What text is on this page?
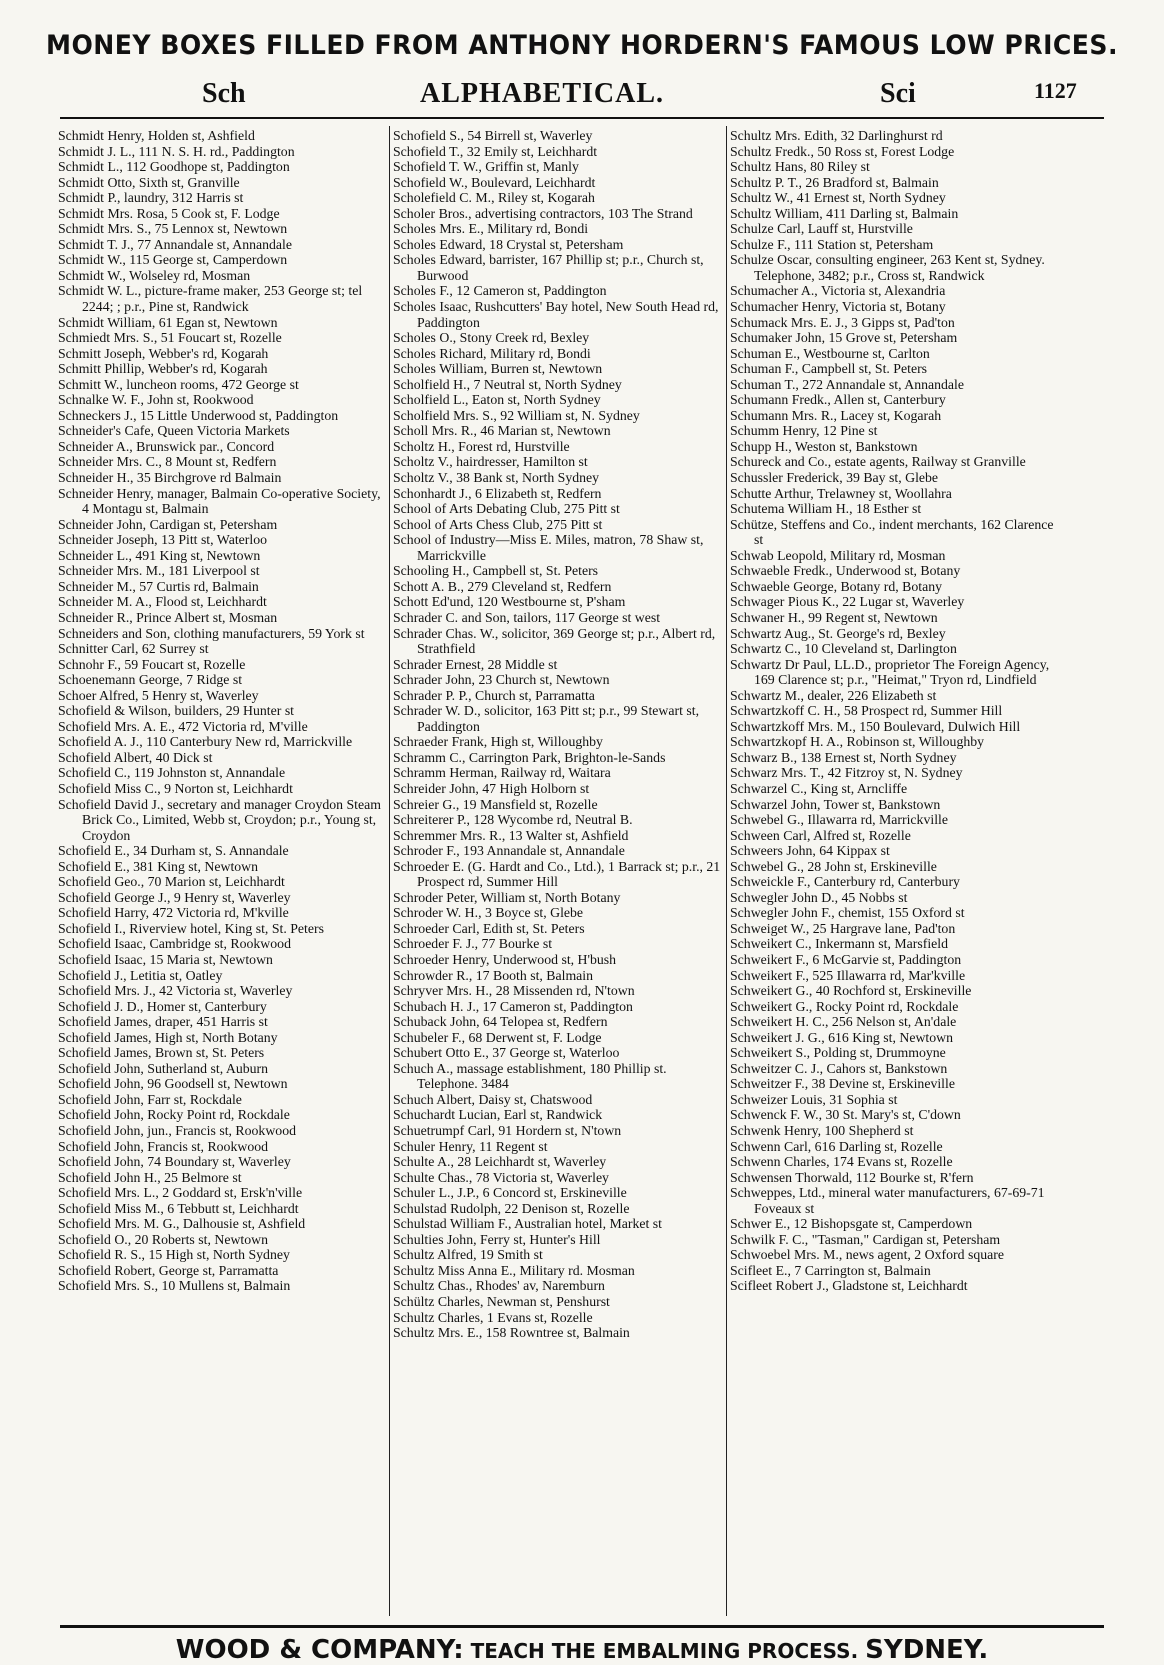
MONEY BOXES FILLED FROM ANTHONY HORDERN'S FAMOUS LOW PRICES.
Sch	ALPHABETICAL.	Sci	1127
Schmidt Henry, Holden st, Ashfield
Schmidt J. L., 111 N. S. H. rd., Paddington
Schmidt L., 112 Goodhope st, Paddington
Schmidt Otto, Sixth st, Granville
Schmidt P., laundry, 312 Harris st
Schmidt Mrs. Rosa, 5 Cook st, F. Lodge
Schmidt Mrs. S., 75 Lennox st, Newtown
Schmidt T. J., 77 Annandale st, Annandale
Schmidt W., 115 George st, Camperdown
Schmidt W., Wolseley rd, Mosman
Schmidt W. L., picture-frame maker, 253 George st; tel 2244; ; p.r., Pine st, Randwick
Schmidt William, 61 Egan st, Newtown
Schmiedt Mrs. S., 51 Foucart st, Rozelle
Schmitt Joseph, Webber's rd, Kogarah
Schmitt Phillip, Webber's rd, Kogarah
Schmitt W., luncheon rooms, 472 George st
Schnalke W. F., John st, Rookwood
Schneckers J., 15 Little Underwood st, Paddington
Schneider's Cafe, Queen Victoria Markets
Schneider A., Brunswick par., Concord
Schneider Mrs. C., 8 Mount st, Redfern
Schneider H., 35 Birchgrove rd Balmain
Schneider Henry, manager, Balmain Co-operative Society, 4 Montagu st, Balmain
Schneider John, Cardigan st, Petersham
Schneider Joseph, 13 Pitt st, Waterloo
Schneider L., 491 King st, Newtown
Schneider Mrs. M., 181 Liverpool st
Schneider M., 57 Curtis rd, Balmain
Schneider M. A., Flood st, Leichhardt
Schneider R., Prince Albert st, Mosman
Schneiders and Son, clothing manufacturers, 59 York st
Schnitter Carl, 62 Surrey st
Schnohr F., 59 Foucart st, Rozelle
Schoenemann George, 7 Ridge st
Schoer Alfred, 5 Henry st, Waverley
Schofield & Wilson, builders, 29 Hunter st
Schofield Mrs. A. E., 472 Victoria rd, M'ville
Schofield A. J., 110 Canterbury New rd, Marrickville
Schofield Albert, 40 Dick st
Schofield C., 119 Johnston st, Annandale
Schofield Miss C., 9 Norton st, Leichhardt
Schofield David J., secretary and manager Croydon Steam Brick Co., Limited, Webb st, Croydon; p.r., Young st, Croydon
Schofield E., 34 Durham st, S. Annandale
Schofield E., 381 King st, Newtown
Schofield Geo., 70 Marion st, Leichhardt
Schofield George J., 9 Henry st, Waverley
Schofield Harry, 472 Victoria rd, M'kville
Schofield I., Riverview hotel, King st, St. Peters
Schofield Isaac, Cambridge st, Rookwood
Schofield Isaac, 15 Maria st, Newtown
Schofield J., Letitia st, Oatley
Schofield Mrs. J., 42 Victoria st, Waverley
Schofield J. D., Homer st, Canterbury
Schofield James, draper, 451 Harris st
Schofield James, High st, North Botany
Schofield James, Brown st, St. Peters
Schofield John, Sutherland st, Auburn
Schofield John, 96 Goodsell st, Newtown
Schofield John, Farr st, Rockdale
Schofield John, Rocky Point rd, Rockdale
Schofield John, jun., Francis st, Rookwood
Schofield John, Francis st, Rookwood
Schofield John, 74 Boundary st, Waverley
Schofield John H., 25 Belmore st
Schofield Mrs. L., 2 Goddard st, Ersk'n'ville
Schofield Miss M., 6 Tebbutt st, Leichhardt
Schofield Mrs. M. G., Dalhousie st, Ashfield
Schofield O., 20 Roberts st, Newtown
Schofield R. S., 15 High st, North Sydney
Schofield Robert, George st, Parramatta
Schofield Mrs. S., 10 Mullens st, Balmain
Schofield S., 54 Birrell st, Waverley
Schofield T., 32 Emily st, Leichhardt
Schofield T. W., Griffin st, Manly
Schofield W., Boulevard, Leichhardt
Scholefield C. M., Riley st, Kogarah
Scholer Bros., advertising contractors, 103 The Strand
Scholes Mrs. E., Military rd, Bondi
Scholes Edward, 18 Crystal st, Petersham
Scholes Edward, barrister, 167 Phillip st; p.r., Church st, Burwood
Scholes F., 12 Cameron st, Paddington
Scholes Isaac, Rushcutters' Bay hotel, New South Head rd, Paddington
Scholes O., Stony Creek rd, Bexley
Scholes Richard, Military rd, Bondi
Scholes William, Burren st, Newtown
Scholfield H., 7 Neutral st, North Sydney
Scholfield L., Eaton st, North Sydney
Scholfield Mrs. S., 92 William st, N. Sydney
Scholl Mrs. R., 46 Marian st, Newtown
Scholtz H., Forest rd, Hurstville
Scholtz V., hairdresser, Hamilton st
Scholtz V., 38 Bank st, North Sydney
Schonhardt J., 6 Elizabeth st, Redfern
School of Arts Debating Club, 275 Pitt st
School of Arts Chess Club, 275 Pitt st
School of Industry—Miss E. Miles, matron, 78 Shaw st, Marrickville
Schooling H., Campbell st, St. Peters
Schott A. B., 279 Cleveland st, Redfern
Schott Ed'und, 120 Westbourne st, P'sham
Schrader C. and Son, tailors, 117 George st west
Schrader Chas. W., solicitor, 369 George st; p.r., Albert rd, Strathfield
Schrader Ernest, 28 Middle st
Schrader John, 23 Church st, Newtown
Schrader P. P., Church st, Parramatta
Schrader W. D., solicitor, 163 Pitt st; p.r., 99 Stewart st, Paddington
Schraeder Frank, High st, Willoughby
Schramm C., Carrington Park, Brighton-le-Sands
Schramm Herman, Railway rd, Waitara
Schreider John, 47 High Holborn st
Schreier G., 19 Mansfield st, Rozelle
Schreiterer P., 128 Wycombe rd, Neutral B.
Schremmer Mrs. R., 13 Walter st, Ashfield
Schroder F., 193 Annandale st, Annandale
Schroeder E. (G. Hardt and Co., Ltd.), 1 Barrack st; p.r., 21 Prospect rd, Summer Hill
Schroder Peter, William st, North Botany
Schroder W. H., 3 Boyce st, Glebe
Schroeder Carl, Edith st, St. Peters
Schroeder F. J., 77 Bourke st
Schroeder Henry, Underwood st, H'bush
Schrowder R., 17 Booth st, Balmain
Schryver Mrs. H., 28 Missenden rd, N'town
Schubach H. J., 17 Cameron st, Paddington
Schuback John, 64 Telopea st, Redfern
Schubeler F., 68 Derwent st, F. Lodge
Schubert Otto E., 37 George st, Waterloo
Schuch A., massage establishment, 180 Phillip st. Telephone. 3484
Schuch Albert, Daisy st, Chatswood
Schuchardt Lucian, Earl st, Randwick
Schuetrumpf Carl, 91 Hordern st, N'town
Schuler Henry, 11 Regent st
Schulte A., 28 Leichhardt st, Waverley
Schulte Chas., 78 Victoria st, Waverley
Schuler L., J.P., 6 Concord st, Erskineville
Schulstad Rudolph, 22 Denison st, Rozelle
Schulstad William F., Australian hotel, Market st
Schulties John, Ferry st, Hunter's Hill
Schultz Alfred, 19 Smith st
Schultz Miss Anna E., Military rd. Mosman
Schultz Chas., Rhodes' av, Naremburn
Schültz Charles, Newman st, Penshurst
Schultz Charles, 1 Evans st, Rozelle
Schultz Mrs. E., 158 Rowntree st, Balmain
Schultz Mrs. Edith, 32 Darlinghurst rd
Schultz Fredk., 50 Ross st, Forest Lodge
Schultz Hans, 80 Riley st
Schultz P. T., 26 Bradford st, Balmain
Schultz W., 41 Ernest st, North Sydney
Schultz William, 411 Darling st, Balmain
Schulze Carl, Lauff st, Hurstville
Schulze F., 111 Station st, Petersham
Schulze Oscar, consulting engineer, 263 Kent st, Sydney. Telephone, 3482; p.r., Cross st, Randwick
Schumacher A., Victoria st, Alexandria
Schumacher Henry, Victoria st, Botany
Schumack Mrs. E. J., 3 Gipps st, Pad'ton
Schumaker John, 15 Grove st, Petersham
Schuman E., Westbourne st, Carlton
Schuman F., Campbell st, St. Peters
Schuman T., 272 Annandale st, Annandale
Schumann Fredk., Allen st, Canterbury
Schumann Mrs. R., Lacey st, Kogarah
Schumm Henry, 12 Pine st
Schupp H., Weston st, Bankstown
Schureck and Co., estate agents, Railway st Granville
Schussler Frederick, 39 Bay st, Glebe
Schutte Arthur, Trelawney st, Woollahra
Schutema William H., 18 Esther st
Schütze, Steffens and Co., indent merchants, 162 Clarence st
Schwab Leopold, Military rd, Mosman
Schwaeble Fredk., Underwood st, Botany
Schwaeble George, Botany rd, Botany
Schwager Pious K., 22 Lugar st, Waverley
Schwaner H., 99 Regent st, Newtown
Schwartz Aug., St. George's rd, Bexley
Schwartz C., 10 Cleveland st, Darlington
Schwartz Dr Paul, LL.D., proprietor The Foreign Agency, 169 Clarence st; p.r., "Heimat," Tryon rd, Lindfield
Schwartz M., dealer, 226 Elizabeth st
Schwartzkoff C. H., 58 Prospect rd, Summer Hill
Schwartzkoff Mrs. M., 150 Boulevard, Dulwich Hill
Schwartzkopf H. A., Robinson st, Willoughby
Schwarz B., 138 Ernest st, North Sydney
Schwarz Mrs. T., 42 Fitzroy st, N. Sydney
Schwarzel C., King st, Arncliffe
Schwarzel John, Tower st, Bankstown
Schwebel G., Illawarra rd, Marrickville
Schween Carl, Alfred st, Rozelle
Schweers John, 64 Kippax st
Schwebel G., 28 John st, Erskineville
Schweickle F., Canterbury rd, Canterbury
Schwegler John D., 45 Nobbs st
Schwegler John F., chemist, 155 Oxford st
Schweiget W., 25 Hargrave lane, Pad'ton
Schweikert C., Inkermann st, Marsfield
Schweikert F., 6 McGarvie st, Paddington
Schweikert F., 525 Illawarra rd, Mar'kville
Schweikert G., 40 Rochford st, Erskineville
Schweikert G., Rocky Point rd, Rockdale
Schweikert H. C., 256 Nelson st, An'dale
Schweikert J. G., 616 King st, Newtown
Schweikert S., Polding st, Drummoyne
Schweitzer C. J., Cahors st, Bankstown
Schweitzer F., 38 Devine st, Erskineville
Schweizer Louis, 31 Sophia st
Schwenck F. W., 30 St. Mary's st, C'down
Schwenk Henry, 100 Shepherd st
Schwenn Carl, 616 Darling st, Rozelle
Schwenn Charles, 174 Evans st, Rozelle
Schwensen Thorwald, 112 Bourke st, R'fern
Schweppes, Ltd., mineral water manufacturers, 67-69-71 Foveaux st
Schwer E., 12 Bishopsgate st, Camperdown
Schwilk F. C., "Tasman," Cardigan st, Petersham
Schwoebel Mrs. M., news agent, 2 Oxford square
Scifleet E., 7 Carrington st, Balmain
Scifleet Robert J., Gladstone st, Leichhardt
WOOD & COMPANY: TEACH THE EMBALMING PROCESS. SYDNEY.
